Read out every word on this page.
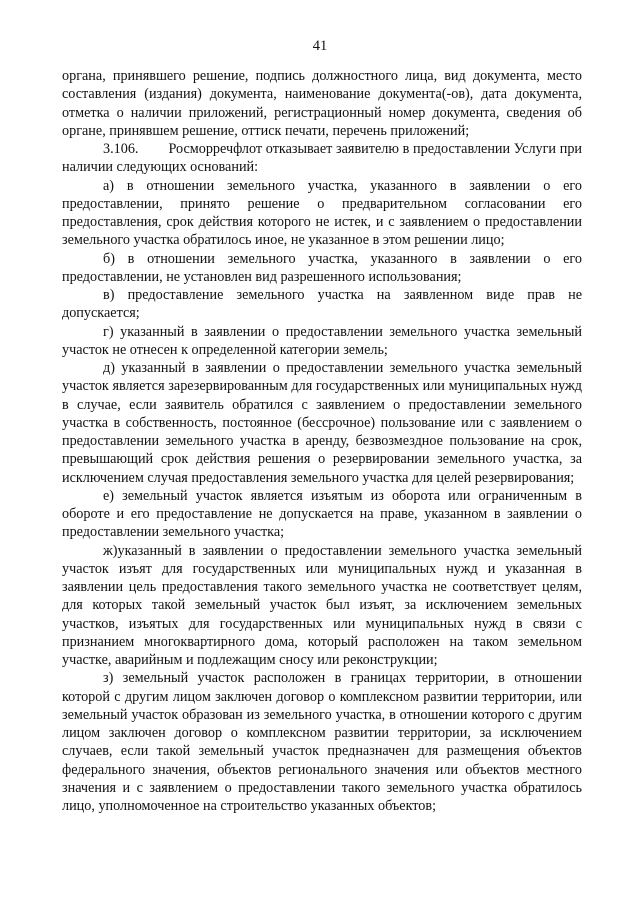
41

органа, принявшего решение, подпись должностного лица, вид документа, место составления (издания) документа, наименование документа(-ов), дата документа, отметка о наличии приложений, регистрационный номер документа, сведения об органе, принявшем решение, оттиск печати, перечень приложений;

3.106. Росморречфлот отказывает заявителю в предоставлении Услуги при наличии следующих оснований:

а) в отношении земельного участка, указанного в заявлении о его предоставлении, принято решение о предварительном согласовании его предоставления, срок действия которого не истек, и с заявлением о предоставлении земельного участка обратилось иное, не указанное в этом решении лицо;

б) в отношении земельного участка, указанного в заявлении о его предоставлении, не установлен вид разрешенного использования;

в) предоставление земельного участка на заявленном виде прав не допускается;

г) указанный в заявлении о предоставлении земельного участка земельный участок не отнесен к определенной категории земель;

д) указанный в заявлении о предоставлении земельного участка земельный участок является зарезервированным для государственных или муниципальных нужд в случае, если заявитель обратился с заявлением о предоставлении земельного участка в собственность, постоянное (бессрочное) пользование или с заявлением о предоставлении земельного участка в аренду, безвозмездное пользование на срок, превышающий срок действия решения о резервировании земельного участка, за исключением случая предоставления земельного участка для целей резервирования;

е) земельный участок является изъятым из оборота или ограниченным в обороте и его предоставление не допускается на праве, указанном в заявлении о предоставлении земельного участка;

ж)указанный в заявлении о предоставлении земельного участка земельный участок изъят для государственных или муниципальных нужд и указанная в заявлении цель предоставления такого земельного участка не соответствует целям, для которых такой земельный участок был изъят, за исключением земельных участков, изъятых для государственных или муниципальных нужд в связи с признанием многоквартирного дома, который расположен на таком земельном участке, аварийным и подлежащим сносу или реконструкции;

з) земельный участок расположен в границах территории, в отношении которой с другим лицом заключен договор о комплексном развитии территории, или земельный участок образован из земельного участка, в отношении которого с другим лицом заключен договор о комплексном развитии территории, за исключением случаев, если такой земельный участок предназначен для размещения объектов федерального значения, объектов регионального значения или объектов местного значения и с заявлением о предоставлении такого земельного участка обратилось лицо, уполномоченное на строительство указанных объектов;
